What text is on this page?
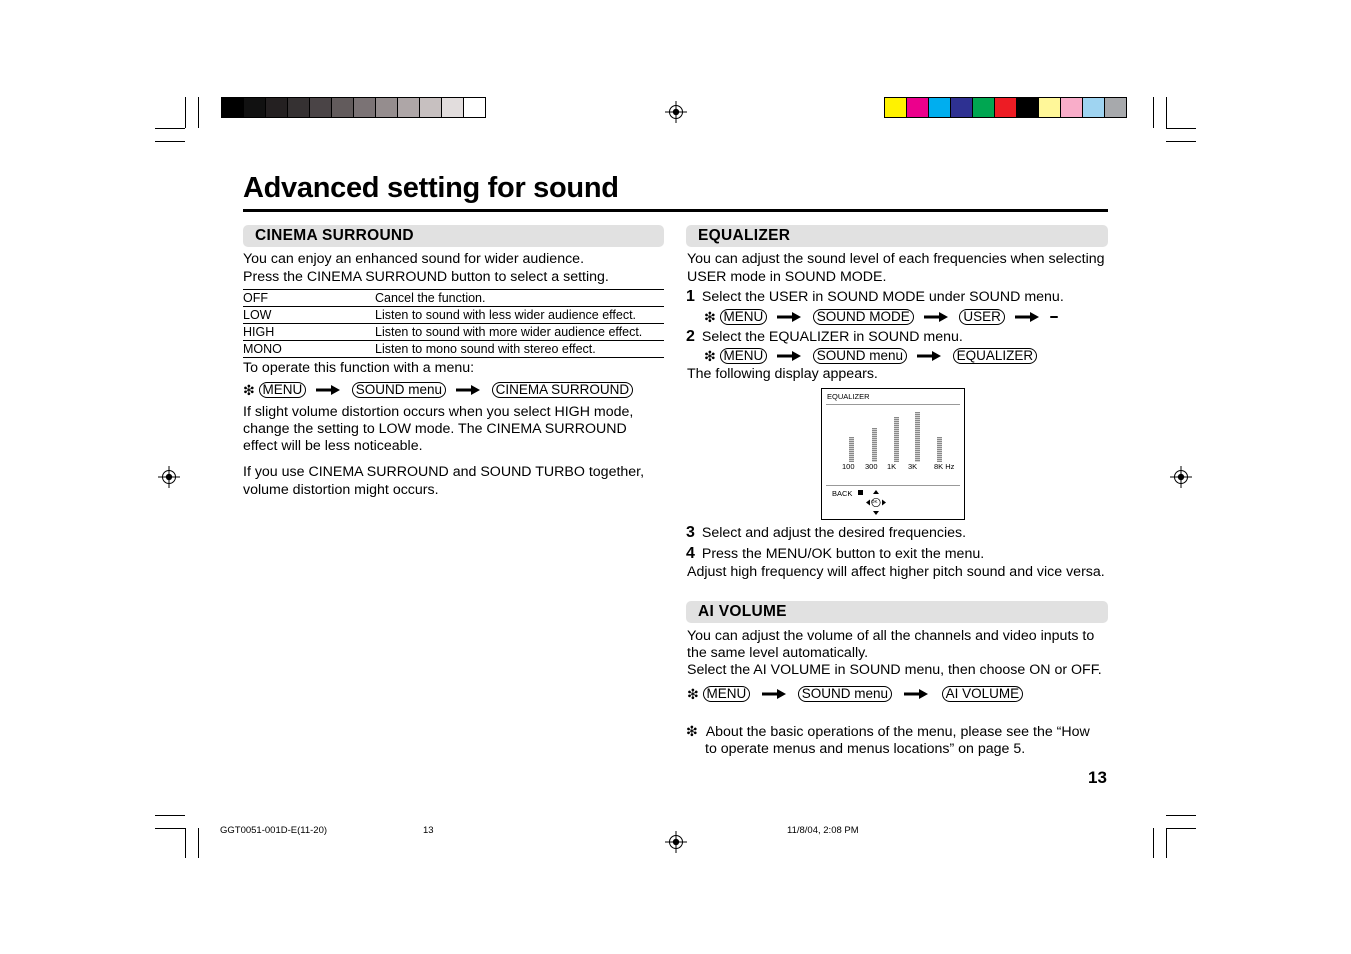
Advanced setting for sound
CINEMA SURROUND
You can enjoy an enhanced sound for wider audience.
Press the CINEMA SURROUND button to select a setting.
OFF	Cancel the function.
LOW	Listen to sound with less wider audience effect.
HIGH	Listen to sound with more wider audience effect.
MONO	Listen to mono sound with stereo effect.
To operate this function with a menu:
❇ MENU	SOUND menu	CINEMA SURROUND
If slight volume distortion occurs when you select HIGH mode,
change the setting to LOW mode. The CINEMA SURROUND
effect will be less noticeable.
If you use CINEMA SURROUND and SOUND TURBO together,
volume distortion might occurs.
EQUALIZER
You can adjust the sound level of each frequencies when selecting
USER mode in SOUND MODE.
1 Select the USER in SOUND MODE under SOUND menu.
❇ MENU	SOUND MODE	USER
2 Select the EQUALIZER in SOUND menu.
❇ MENU	SOUND menu	EQUALIZER
The following display appears.
EQUALIZER
100 300 1K 3K 8K Hz
BACK
OK
3 Select and adjust the desired frequencies.
4 Press the MENU/OK button to exit the menu.
Adjust high frequency will affect higher pitch sound and vice versa.
AI VOLUME
You can adjust the volume of all the channels and video inputs to
the same level automatically.
Select the AI VOLUME in SOUND menu, then choose ON or OFF.
❇ MENU	SOUND menu	AI VOLUME
❇ About the basic operations of the menu, please see the “How
to operate menus and menus locations” on page 5.
13
GGT0051-001D-E(11-20)	13	11/8/04, 2:08 PM
